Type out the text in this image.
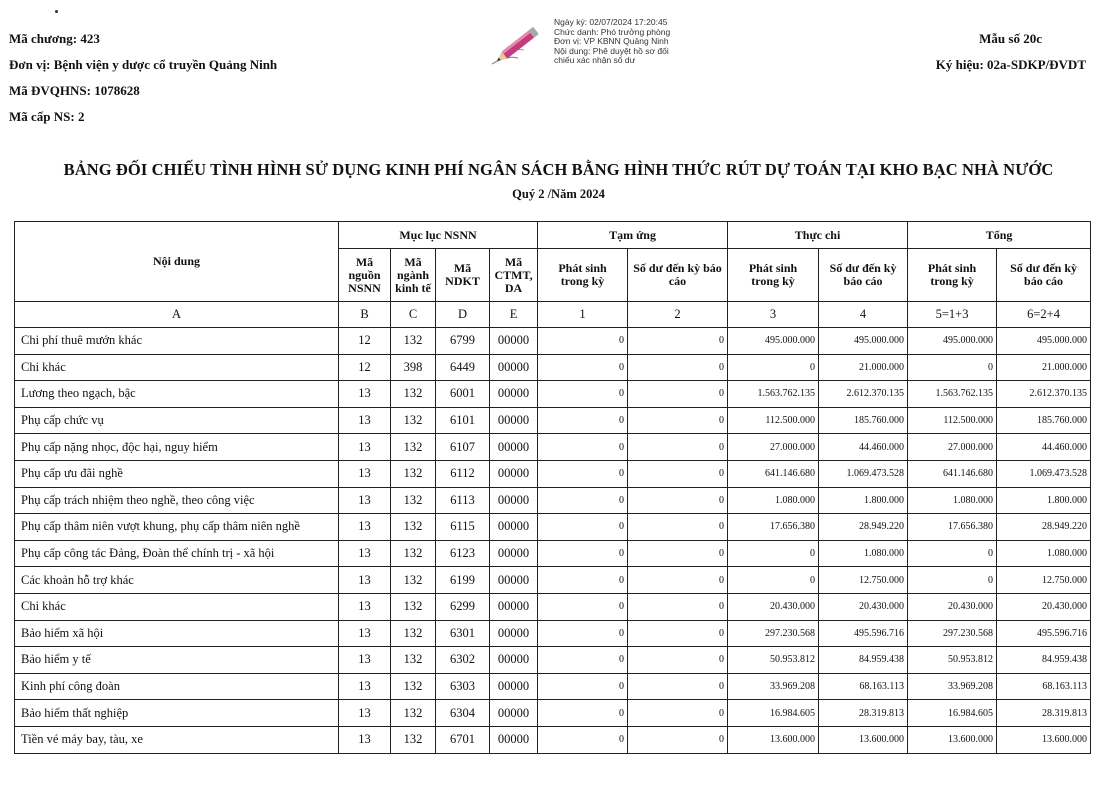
Mã chương: 423
Đơn vị: Bệnh viện y dược cổ truyền Quảng Ninh
Mã ĐVQHNS: 1078628
Mã cấp NS: 2
Mẫu số 20c
Ký hiệu: 02a-SDKP/ĐVDT
Ngày ký: 02/07/2024 17:20:45
Chức danh: Phó trưởng phòng
Đơn vị: VP KBNN Quảng Ninh
Nội dung: Phê duyệt hồ sơ đối
chiếu xác nhận số dư
BẢNG ĐỐI CHIẾU TÌNH HÌNH SỬ DỤNG KINH PHÍ NGÂN SÁCH BẰNG HÌNH THỨC RÚT DỰ TOÁN TẠI KHO BẠC NHÀ NƯỚC
Quý 2 /Năm 2024
Nội dung	Mục lục NSNN				Tạm ứng		Thực chi		Tổng	
	Mã
nguồn
NSNN	Mã
ngành
kinh tế	Mã
NDKT	Mã
CTMT,
DA	Phát sinh
trong kỳ	Số dư đến kỳ báo
cáo	Phát sinh
trong kỳ	Số dư đến kỳ
báo cáo	Phát sinh
trong kỳ	Số dư đến kỳ
báo cáo
A	B	C	D	E	1	2	3	4	5=1+3	6=2+4
Chi phí thuê mướn khác	12	132	6799	00000	0	0	495.000.000	495.000.000	495.000.000	495.000.000
Chi khác	12	398	6449	00000	0	0	0	21.000.000	0	21.000.000
Lương theo ngạch, bậc	13	132	6001	00000	0	0	1.563.762.135	2.612.370.135	1.563.762.135	2.612.370.135
Phụ cấp chức vụ	13	132	6101	00000	0	0	112.500.000	185.760.000	112.500.000	185.760.000
Phụ cấp nặng nhọc, độc hại, nguy hiểm	13	132	6107	00000	0	0	27.000.000	44.460.000	27.000.000	44.460.000
Phụ cấp ưu đãi nghề	13	132	6112	00000	0	0	641.146.680	1.069.473.528	641.146.680	1.069.473.528
Phụ cấp trách nhiệm theo nghề, theo công việc	13	132	6113	00000	0	0	1.080.000	1.800.000	1.080.000	1.800.000
Phụ cấp thâm niên vượt khung, phụ cấp thâm niên nghề	13	132	6115	00000	0	0	17.656.380	28.949.220	17.656.380	28.949.220
Phụ cấp công tác Đảng, Đoàn thể chính trị - xã hội	13	132	6123	00000	0	0	0	1.080.000	0	1.080.000
Các khoản hỗ trợ khác	13	132	6199	00000	0	0	0	12.750.000	0	12.750.000
Chi khác	13	132	6299	00000	0	0	20.430.000	20.430.000	20.430.000	20.430.000
Bảo hiểm xã hội	13	132	6301	00000	0	0	297.230.568	495.596.716	297.230.568	495.596.716
Bảo hiểm y tế	13	132	6302	00000	0	0	50.953.812	84.959.438	50.953.812	84.959.438
Kinh phí công đoàn	13	132	6303	00000	0	0	33.969.208	68.163.113	33.969.208	68.163.113
Bảo hiểm thất nghiệp	13	132	6304	00000	0	0	16.984.605	28.319.813	16.984.605	28.319.813
Tiền vé máy bay, tàu, xe	13	132	6701	00000	0	0	13.600.000	13.600.000	13.600.000	13.600.000
